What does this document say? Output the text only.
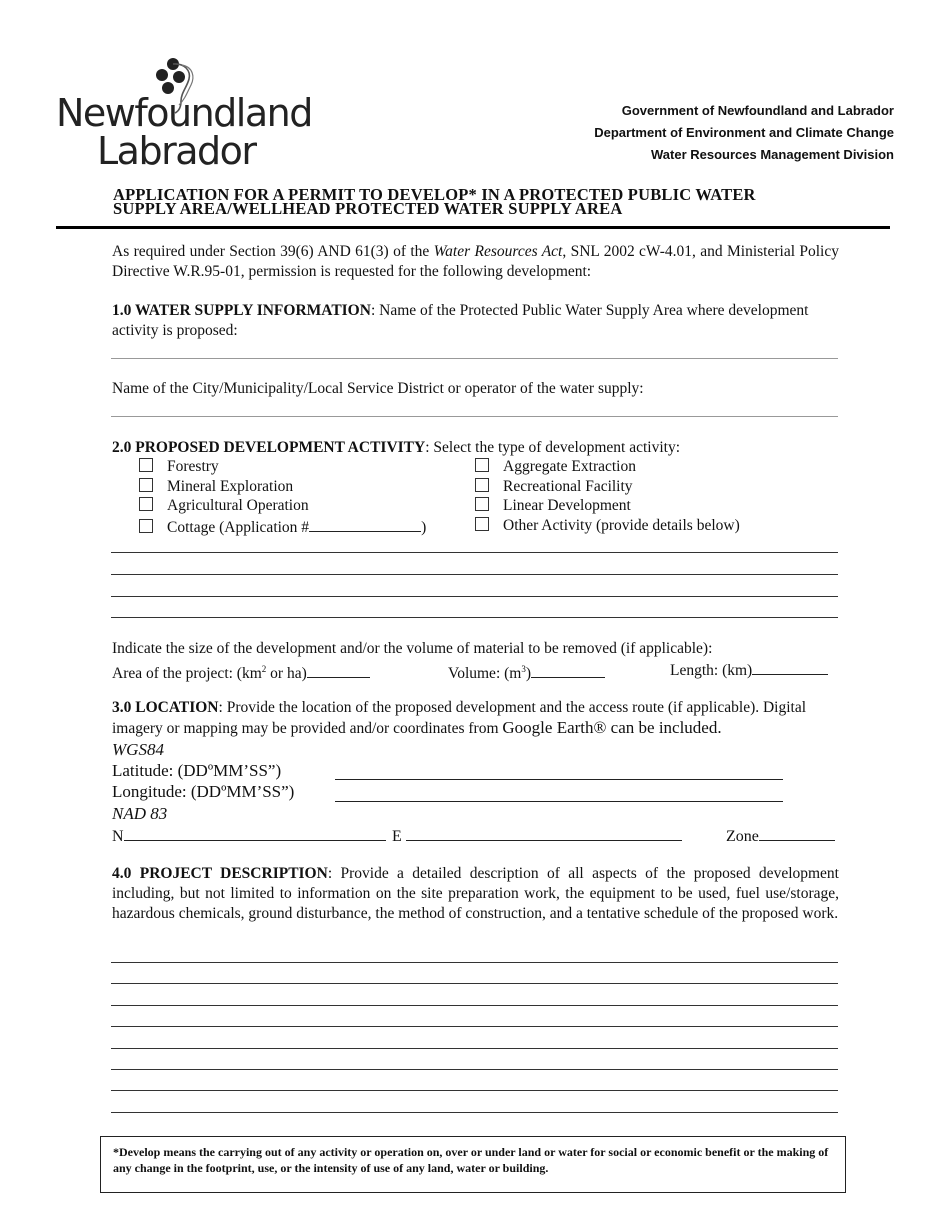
Newfoundland
Labrador
Government of Newfoundland and Labrador
Department of Environment and Climate Change
Water Resources Management Division
APPLICATION FOR A PERMIT TO DEVELOP* IN A PROTECTED PUBLIC WATER
SUPPLY AREA/WELLHEAD PROTECTED WATER SUPPLY AREA
As required under Section 39(6) AND 61(3) of the Water Resources Act, SNL 2002 cW-4.01, and Ministerial Policy Directive W.R.95-01, permission is requested for the following development:
1.0 WATER SUPPLY INFORMATION: Name of the Protected Public Water Supply Area where development activity is proposed:
Name of the City/Municipality/Local Service District or operator of the water supply:
2.0 PROPOSED DEVELOPMENT ACTIVITY: Select the type of development activity:
Forestry
Mineral Exploration
Agricultural Operation
Cottage (Application #	)
Aggregate Extraction
Recreational Facility
Linear Development
Other Activity (provide details below)
Indicate the size of the development and/or the volume of material to be removed (if applicable):
Area of the project: ($km^2$ or ha)	Volume: $(m^3)$	Length: (km)
3.0 LOCATION: Provide the location of the proposed development and the access route (if applicable). Digital imagery or mapping may be provided and/or coordinates from Google Earth® can be included.
WGS84
Latitude: (DDºMM’SS”)
Longitude: (DDºMM’SS”)
NAD 83
N	E	Zone
4.0 PROJECT DESCRIPTION: Provide a detailed description of all aspects of the proposed development including, but not limited to information on the site preparation work, the equipment to be used, fuel use/storage, hazardous chemicals, ground disturbance, the method of construction, and a tentative schedule of the proposed work.

*Develop means the carrying out of any activity or operation on, over or under land or water for social or economic benefit or the making of any change in the footprint, use, or the intensity of use of any land, water or building.
